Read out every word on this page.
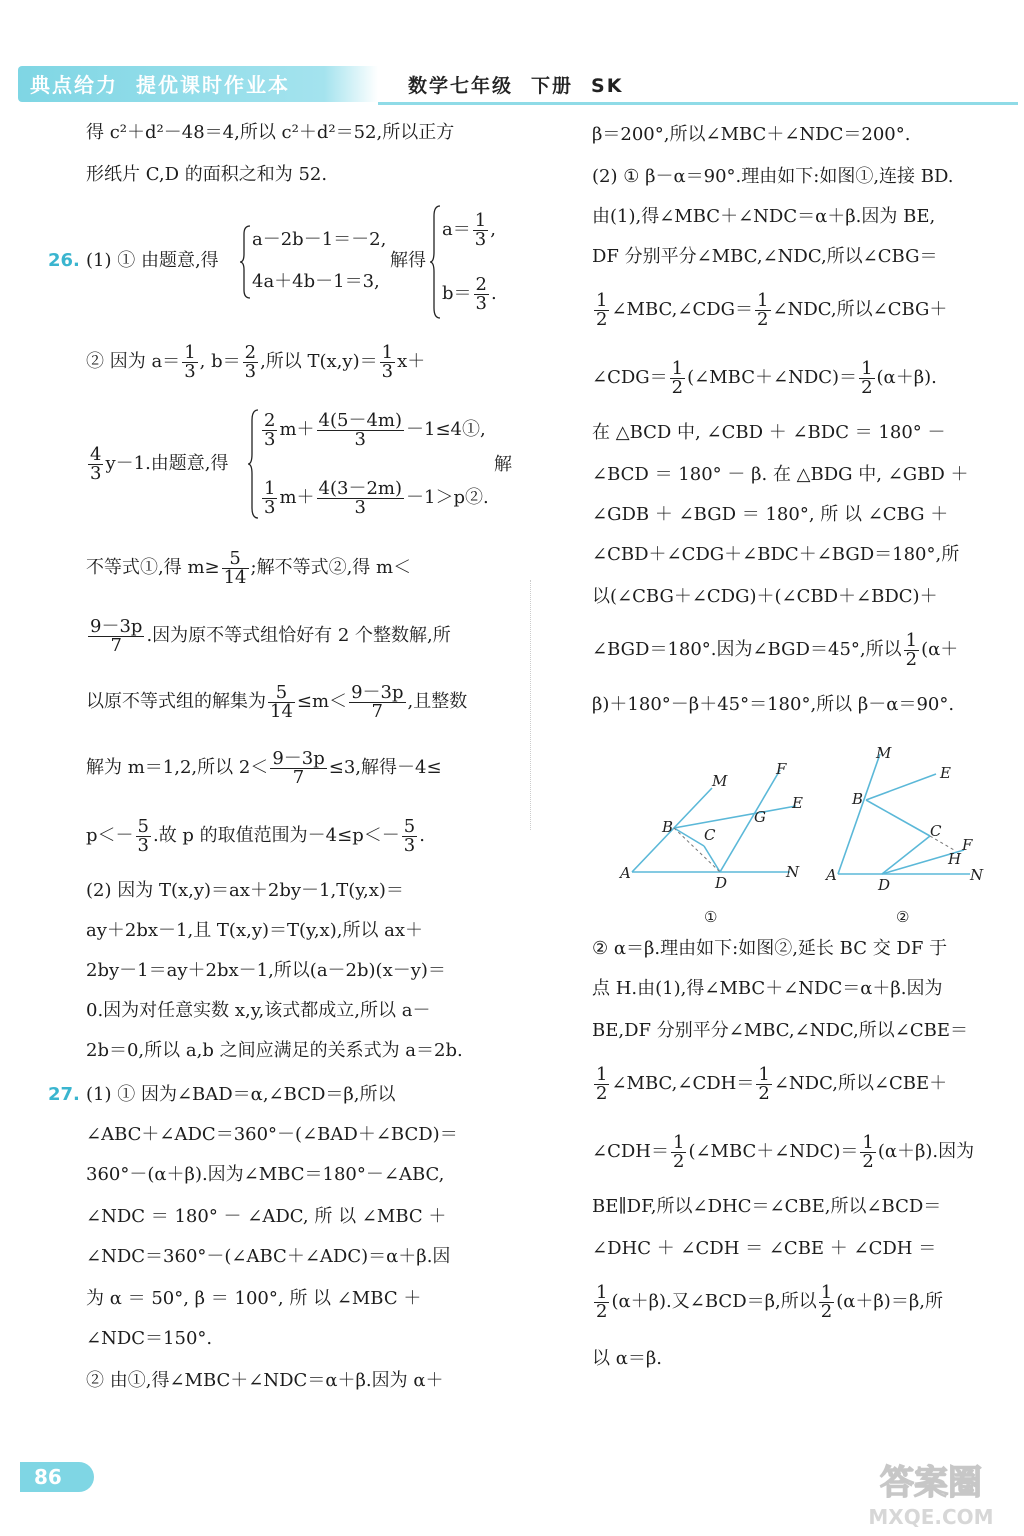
典点给力 提优课时作业本	数学七年级 下册 SK
得 c²＋d²－48＝4,所以 c²＋d²＝52,所以正方
形纸片 C,D 的面积之和为 52.
26. (1) ① 由题意,得
a－2b－1＝－2,
4a＋4b－1＝3,
解得
$a= \frac{1}{3}$ ,
$b= \frac{2}{3}$ .
② 因为 $a= \frac{1}{3}$ , $b= \frac{2}{3}$ ,所以 $T(x,y)= \frac{1}{3} x+$
$\frac{2}{3} m+ \frac{4(5-4m)}{3}$ －1≤4①,
$\frac{4}{3} y-1$.由题意,得	解
$\frac{1}{3} m+ \frac{4(3-2m)}{3}$ －1＞p②.
不等式①,得 $m\ge \frac{5}{14}$ ;解不等式②,得 m＜
$\frac{9-3p}{7}$ .因为原不等式组恰好有 2 个整数解,所
以原不等式组的解集为 $\frac{5}{14} \le m< \frac{9-3p}{7}$ ,且整数
解为 m＝1,2,所以 $2< \frac{9-3p}{7} \le 3$,解得－4≤
$p<- \frac{5}{3}$ .故 p 的取值范围为$-4\le p<- \frac{5}{3}$ .
(2) 因为 T(x,y)＝ax＋2by－1,T(y,x)＝
ay＋2bx－1,且 T(x,y)＝T(y,x),所以 ax＋
2by－1＝ay＋2bx－1,所以(a－2b)(x－y)＝
0.因为对任意实数 x,y,该式都成立,所以 a－
2b＝0,所以 a,b 之间应满足的关系式为 a＝2b.
27. (1) ① 因为∠BAD＝α,∠BCD＝β,所以
∠ABC＋∠ADC＝360°－(∠BAD＋∠BCD)＝
360°－(α＋β).因为∠MBC＝180°－∠ABC,
∠NDC ＝ 180° － ∠ADC, 所 以 ∠MBC ＋
∠NDC＝360°－(∠ABC＋∠ADC)＝α＋β.因
为 α ＝ 50°, β ＝ 100°, 所 以 ∠MBC ＋
∠NDC＝150°.
② 由①,得∠MBC＋∠NDC＝α＋β.因为 α＋
β＝200°,所以∠MBC＋∠NDC＝200°.
(2) ① β－α＝90°.理由如下:如图①,连接 BD.
由(1),得∠MBC＋∠NDC＝α＋β.因为 BE,
DF 分别平分∠MBC,∠NDC,所以∠CBG＝
$\frac{1}{2}$ ∠MBC,∠CDG＝ $\frac{1}{2}$ ∠NDC,所以∠CBG＋
∠CDG＝ $\frac{1}{2}$ (∠MBC＋∠NDC)＝ $\frac{1}{2} (\alpha+\beta)$.
在 △BCD 中, ∠CBD ＋ ∠BDC ＝ 180° －
∠BCD ＝ 180° － β. 在 △BDG 中, ∠GBD ＋
∠GDB ＋ ∠BGD ＝ 180°, 所 以 ∠CBG ＋
∠CBD＋∠CDG＋∠BDC＋∠BGD＝180°,所
以(∠CBG＋∠CDG)＋(∠CBD＋∠BDC)＋
∠BGD＝180°.因为∠BGD＝45°,所以 $\frac{1}{2} (\alpha+$
β)＋180°－β＋45°＝180°,所以 β－α＝90°.
A
M
F
E
B
G
C
D
N
①
A
M
E
B
C
F
H
D
N
②
② α＝β.理由如下:如图②,延长 BC 交 DF 于
点 H.由(1),得∠MBC＋∠NDC＝α＋β.因为
BE,DF 分别平分∠MBC,∠NDC,所以∠CBE＝
$\frac{1}{2}$ ∠MBC,∠CDH＝ $\frac{1}{2}$ ∠NDC,所以∠CBE＋
∠CDH＝ $\frac{1}{2}$ (∠MBC＋∠NDC)＝ $\frac{1}{2} (\alpha+\beta)$.因为
BE∥DF,所以∠DHC＝∠CBE,所以∠BCD＝
∠DHC ＋ ∠CDH ＝ ∠CBE ＋ ∠CDH ＝
$\frac{1}{2} (\alpha+\beta)$.又∠BCD＝β,所以 $\frac{1}{2} (\alpha+\beta)=\beta$,所
以 α＝β.
86	答案圈
MXQE.COM
